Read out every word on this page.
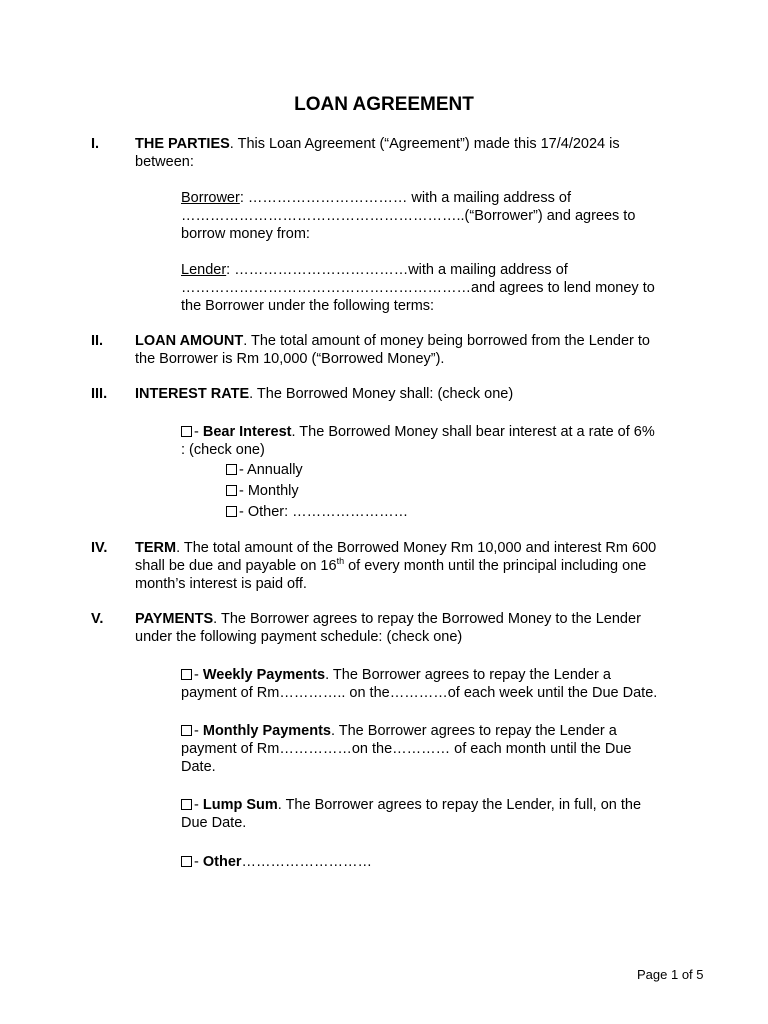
LOAN AGREEMENT
I. THE PARTIES. This Loan Agreement (“Agreement”) made this 17/4/2024 is
between:
Borrower: …………………………… with a mailing address of
…………………………………………………..(“Borrower”) and agrees to
borrow money from:
Lender: ………………………………with a mailing address of
……………………………………………………and agrees to lend money to
the Borrower under the following terms:
II. LOAN AMOUNT. The total amount of money being borrowed from the Lender to
the Borrower is Rm 10,000 (“Borrowed Money”).
III. INTEREST RATE. The Borrowed Money shall: (check one)
- Bear Interest. The Borrowed Money shall bear interest at a rate of 6%
: (check one)
- Annually
- Monthly
- Other: ……………………
IV. TERM. The total amount of the Borrowed Money Rm 10,000 and interest Rm 600
shall be due and payable on 16th of every month until the principal including one
month’s interest is paid off.
V. PAYMENTS. The Borrower agrees to repay the Borrowed Money to the Lender
under the following payment schedule: (check one)
- Weekly Payments. The Borrower agrees to repay the Lender a
payment of Rm………….. on the…………of each week until the Due Date.
- Monthly Payments. The Borrower agrees to repay the Lender a
payment of Rm……………on the………… of each month until the Due
Date.
- Lump Sum. The Borrower agrees to repay the Lender, in full, on the
Due Date.
- Other………………………
Page 1 of 5
